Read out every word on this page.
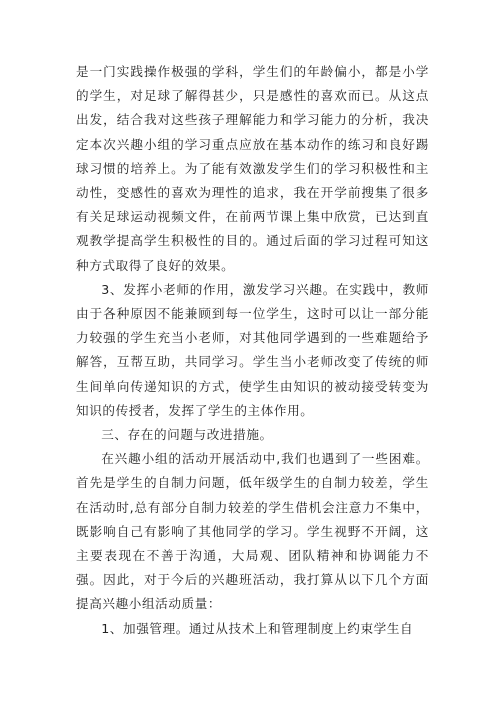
是一门实践操作极强的学科，学生们的年龄偏小，都是小学的学生，对足球了解得甚少，只是感性的喜欢而已。从这点出发，结合我对这些孩子理解能力和学习能力的分析，我决定本次兴趣小组的学习重点应放在基本动作的练习和良好踢球习惯的培养上。为了能有效激发学生们的学习积极性和主动性，变感性的喜欢为理性的追求，我在开学前搜集了很多有关足球运动视频文件，在前两节课上集中欣赏，已达到直观教学提高学生积极性的目的。通过后面的学习过程可知这种方式取得了良好的效果。

3、发挥小老师的作用，激发学习兴趣。在实践中，教师由于各种原因不能兼顾到每一位学生，这时可以让一部分能力较强的学生充当小老师，对其他同学遇到的一些难题给予解答，互帮互助，共同学习。学生当小老师改变了传统的师生间单向传递知识的方式，使学生由知识的被动接受转变为知识的传授者，发挥了学生的主体作用。

三、存在的问题与改进措施。

在兴趣小组的活动开展活动中,我们也遇到了一些困难。首先是学生的自制力问题，低年级学生的自制力较差，学生在活动时,总有部分自制力较差的学生借机会注意力不集中，既影响自己有影响了其他同学的学习。学生视野不开阔，这主要表现在不善于沟通，大局观、团队精神和协调能力不强。因此，对于今后的兴趣班活动，我打算从以下几个方面提高兴趣小组活动质量：

1、加强管理。通过从技术上和管理制度上约束学生自
